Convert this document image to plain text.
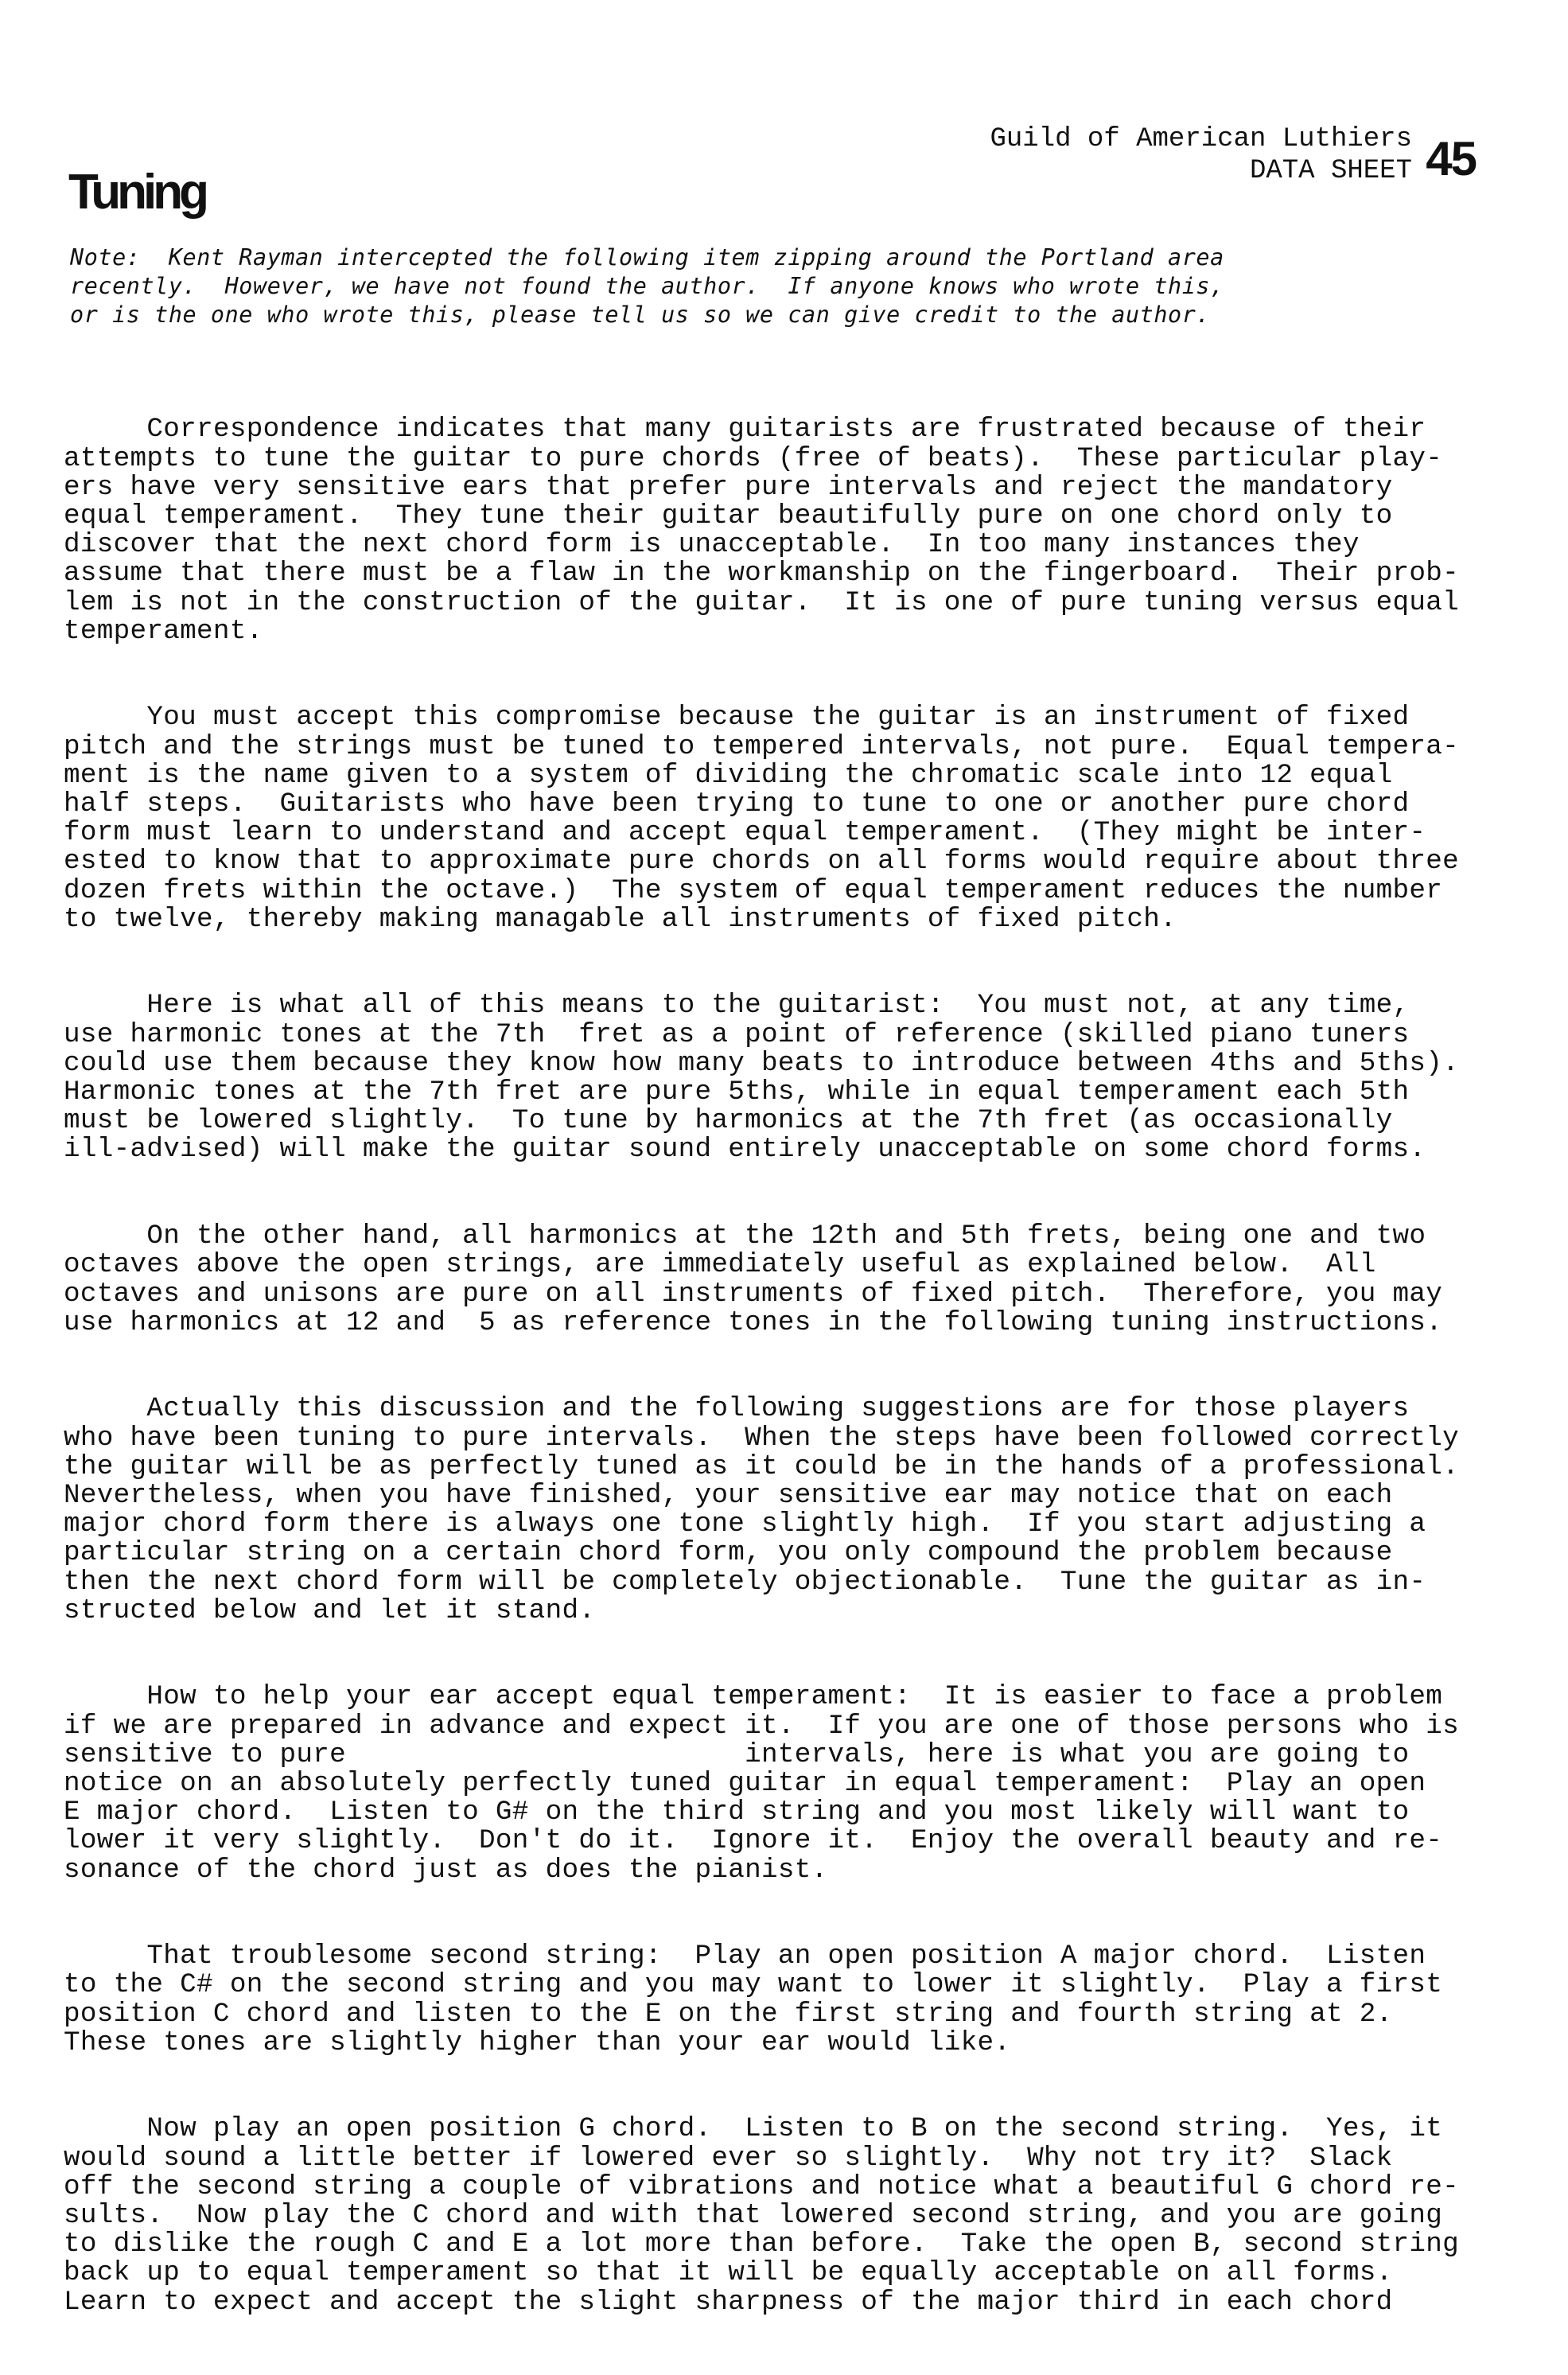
Guild of American Luthiers
DATA SHEET 45
Tuning

Note:  Kent Rayman intercepted the following item zipping around the Portland area
recently.  However, we have not found the author.  If anyone knows who wrote this,
or is the one who wrote this, please tell us so we can give credit to the author.

Correspondence indicates that many guitarists are frustrated because of their
attempts to tune the guitar to pure chords (free of beats).  These particular play-
ers have very sensitive ears that prefer pure intervals and reject the mandatory
equal temperament.  They tune their guitar beautifully pure on one chord only to
discover that the next chord form is unacceptable.  In too many instances they
assume that there must be a flaw in the workmanship on the fingerboard.  Their prob-
lem is not in the construction of the guitar.  It is one of pure tuning versus equal
temperament.

You must accept this compromise because the guitar is an instrument of fixed
pitch and the strings must be tuned to tempered intervals, not pure.  Equal tempera-
ment is the name given to a system of dividing the chromatic scale into 12 equal
half steps.  Guitarists who have been trying to tune to one or another pure chord
form must learn to understand and accept equal temperament.  (They might be inter-
ested to know that to approximate pure chords on all forms would require about three
dozen frets within the octave.)  The system of equal temperament reduces the number
to twelve, thereby making managable all instruments of fixed pitch.

Here is what all of this means to the guitarist:  You must not, at any time,
use harmonic tones at the 7th  fret as a point of reference (skilled piano tuners
could use them because they know how many beats to introduce between 4ths and 5ths).
Harmonic tones at the 7th fret are pure 5ths, while in equal temperament each 5th
must be lowered slightly.  To tune by harmonics at the 7th fret (as occasionally
ill-advised) will make the guitar sound entirely unacceptable on some chord forms.

On the other hand, all harmonics at the 12th and 5th frets, being one and two
octaves above the open strings, are immediately useful as explained below.  All
octaves and unisons are pure on all instruments of fixed pitch.  Therefore, you may
use harmonics at 12 and  5 as reference tones in the following tuning instructions.

Actually this discussion and the following suggestions are for those players
who have been tuning to pure intervals.  When the steps have been followed correctly
the guitar will be as perfectly tuned as it could be in the hands of a professional.
Nevertheless, when you have finished, your sensitive ear may notice that on each
major chord form there is always one tone slightly high.  If you start adjusting a
particular string on a certain chord form, you only compound the problem because
then the next chord form will be completely objectionable.  Tune the guitar as in-
structed below and let it stand.

How to help your ear accept equal temperament:  It is easier to face a problem
if we are prepared in advance and expect it.  If you are one of those persons who is
sensitive to pure                        intervals, here is what you are going to
notice on an absolutely perfectly tuned guitar in equal temperament:  Play an open
E major chord.  Listen to G# on the third string and you most likely will want to
lower it very slightly.  Don't do it.  Ignore it.  Enjoy the overall beauty and re-
sonance of the chord just as does the pianist.

That troublesome second string:  Play an open position A major chord.  Listen
to the C# on the second string and you may want to lower it slightly.  Play a first
position C chord and listen to the E on the first string and fourth string at 2.
These tones are slightly higher than your ear would like.

Now play an open position G chord.  Listen to B on the second string.  Yes, it
would sound a little better if lowered ever so slightly.  Why not try it?  Slack
off the second string a couple of vibrations and notice what a beautiful G chord re-
sults.  Now play the C chord and with that lowered second string, and you are going
to dislike the rough C and E a lot more than before.  Take the open B, second string
back up to equal temperament so that it will be equally acceptable on all forms.
Learn to expect and accept the slight sharpness of the major third in each chord
